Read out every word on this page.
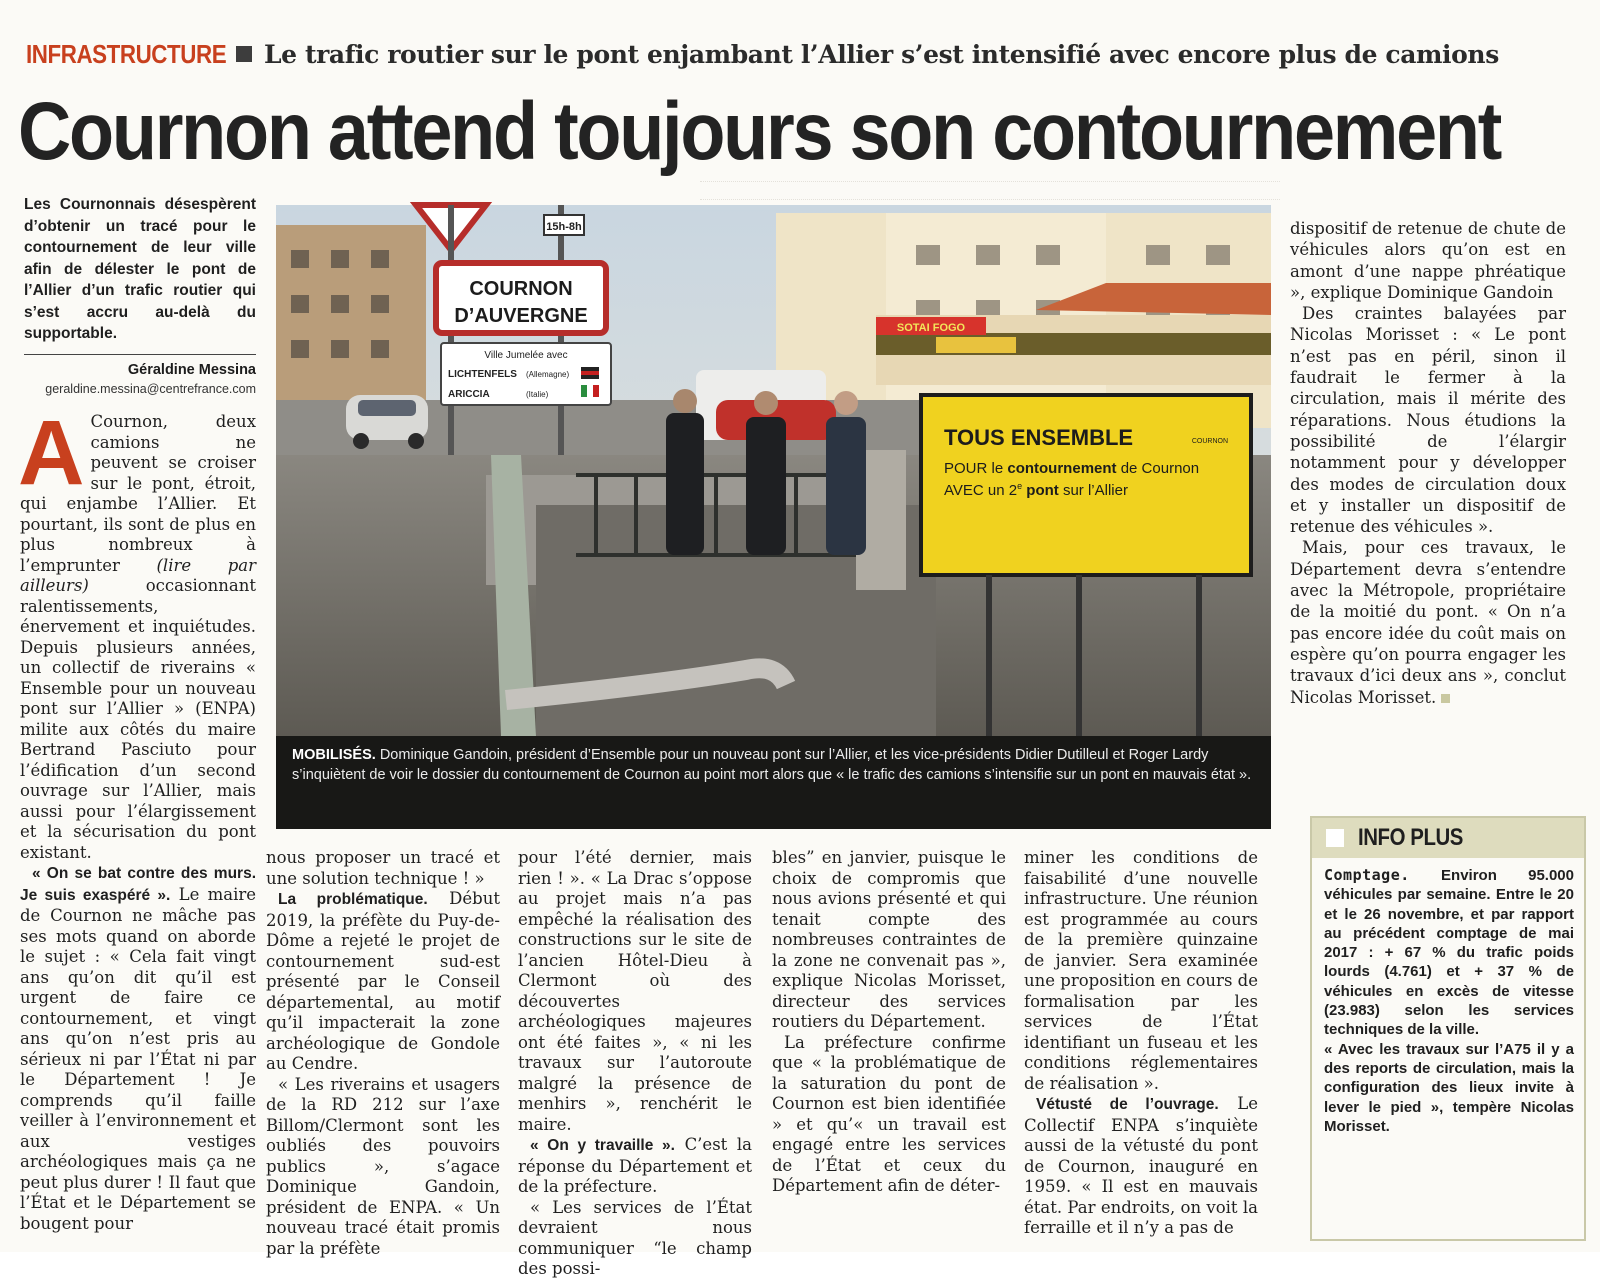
INFRASTRUCTURE Le trafic routier sur le pont enjambant l’Allier s’est intensifié avec encore plus de camions
Cournon attend toujours son contournement
Les Cournonnais désespèrent d’obtenir un tracé pour le contournement de leur ville afin de délester le pont de l’Allier d’un trafic routier qui s’est accru au-delà du supportable.
Géraldine Messina
geraldine.messina@centrefrance.com

A Cournon, deux camions ne peuvent se croiser sur le pont, étroit, qui enjambe l’Allier. Et pourtant, ils sont de plus en plus nombreux à l’emprunter (lire par ailleurs)	occasionnant ralentissements, énervement et inquiétudes. Depuis plusieurs années, un collectif de riverains « Ensemble pour un nouveau pont sur l’Allier » (ENPA) milite aux côtés du maire Bertrand Pasciuto pour l’édification d’un second ouvrage sur l’Allier, mais aussi pour l’élargissement et la sécurisation du pont existant.

« On se bat contre des murs. Je suis exaspéré ». Le maire de Cournon ne mâche pas ses mots quand on aborde le sujet : « Cela fait vingt ans qu’on dit qu’il est urgent de faire ce contournement, et vingt ans qu’on n’est pris au sérieux ni par l’État ni par le Département ! Je comprends qu’il faille veiller à l’environnement et aux vestiges archéologiques mais ça ne peut plus durer ! Il faut que l’État et le Département se bougent pour

15h-8h
COURNON
D’AUVERGNE
Ville Jumelée avec
LICHTENFELS (Allemagne)
ARICCIA	(Italie)
SOTAI FOGO
TOUS ENSEMBLE	COURNON
POUR le contournement de Cournon
AVEC un 2e pont sur l’Allier
MOBILISÉS. Dominique Gandoin, président d’Ensemble pour un nouveau pont sur l’Allier, et les vice-présidents Didier Dutilleul et Roger Lardy s’inquiètent de voir le dossier du contournement de Cournon au point mort alors que « le trafic des camions s’intensifie sur un pont en mauvais état ».

nous proposer un tracé et une solution technique ! »

La problématique. Début 2019, la préfète du Puy-de-Dôme a rejeté le projet de contournement sud-est présenté par le Conseil départemental, au motif qu’il impacterait la zone archéologique de Gondole au Cendre.

« Les riverains et usagers de la RD 212 sur l’axe Billom/Clermont sont les oubliés des pouvoirs publics », s’agace Dominique Gandoin, président de ENPA. « Un nouveau tracé était promis par la préfète

pour l’été dernier, mais rien ! ». « La Drac s’oppose au projet mais n’a pas empêché la réalisation des constructions sur le site de l’ancien Hôtel-Dieu à Clermont où des découvertes archéologiques majeures ont été faites », « ni les travaux sur l’autoroute malgré la présence de menhirs », renchérit le maire.

« On y travaille ». C’est la réponse du Département et de la préfecture.

« Les services de l’État devraient nous communiquer “le champ des possi-

bles” en janvier, puisque le choix de compromis que nous avions présenté et qui tenait compte des nombreuses contraintes de la zone ne convenait pas », explique Nicolas Morisset, directeur des services routiers du Département.

La préfecture confirme que « la problématique de la saturation du pont de Cournon est bien identifiée » et qu’« un travail est engagé entre les services de l’État et ceux du Département afin de déter-

miner les conditions de faisabilité d’une nouvelle infrastructure. Une réunion est programmée au cours de la première quinzaine de janvier. Sera examinée une proposition en cours de formalisation par les services de l’État identifiant un fuseau et les conditions réglementaires de réalisation ».

Vétusté de l’ouvrage. Le Collectif ENPA s’inquiète aussi de la vétusté du pont de Cournon, inauguré en 1959. « Il est en mauvais état. Par endroits, on voit la ferraille et il n’y a pas de

dispositif de retenue de chute de véhicules alors qu’on est en amont d’une nappe phréatique », explique Dominique Gandoin

Des craintes balayées par Nicolas Morisset : « Le pont n’est pas en péril, sinon il faudrait le fermer à la circulation, mais il mérite des réparations. Nous étudions la possibilité de l’élargir notamment pour y développer des modes de circulation doux et y installer un dispositif de retenue des véhicules ».

Mais, pour ces travaux, le Département devra s’entendre avec la Métropole, propriétaire de la moitié du pont. « On n’a pas encore idée du coût mais on espère qu’on pourra engager les travaux d’ici deux ans », conclut Nicolas Morisset.

INFO PLUS
Comptage. Environ 95.000 véhicules par semaine. Entre le 20 et le 26 novembre, et par rapport au précédent comptage de mai 2017 : + 67 % du trafic poids lourds (4.761) et + 37 % de véhicules en excès de vitesse (23.983) selon les services techniques de la ville.
« Avec les travaux sur l’A75 il y a des reports de circulation, mais la configuration des lieux invite à lever le pied », tempère Nicolas Morisset.
